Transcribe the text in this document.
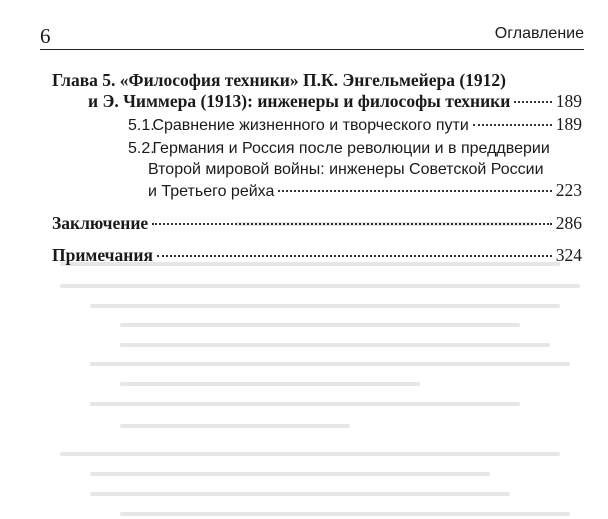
6	Оглавление
Глава 5. «Философия техники» П.К. Энгельмейера (1912)
и Э. Чиммера (1913): инженеры и философы техники	189
5.1. Сравнение жизненного и творческого пути	189
5.2. Германия и Россия после революции и в преддверии
Второй мировой войны: инженеры Советской России
и Третьего рейха	223
Заключение	286
Примечания	324
